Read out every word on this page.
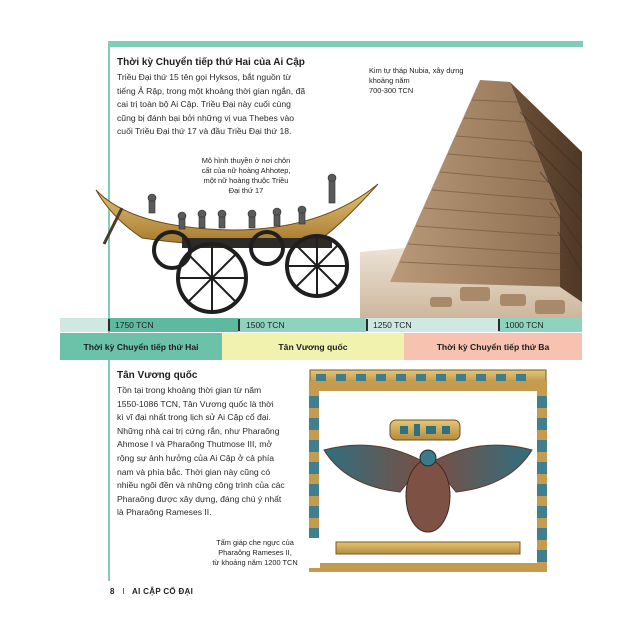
Thời kỳ Chuyển tiếp thứ Hai của Ai Cập
Triều Đại thứ 15 tên gọi Hyksos, bắt nguồn từ
tiếng Ả Rập, trong một khoảng thời gian ngắn, đã
cai trị toàn bộ Ai Cập. Triều Đại này cuối cùng
cũng bị đánh bại bởi những vị vua Thebes vào
cuối Triều Đại thứ 17 và đầu Triều Đại thứ 18.
Kim tự tháp Nubia, xây dựng
khoảng năm
700-300 TCN
Mô hình thuyền ở nơi chôn
cất của nữ hoàng Ahhotep,
một nữ hoàng thuộc Triều
Đại thứ 17
1750 TCN	1500 TCN	1250 TCN	1000 TCN
Thời kỳ Chuyển tiếp thứ Hai	Tân Vương quốc	Thời kỳ Chuyển tiếp thứ Ba
Tân Vương quốc
Tồn tại trong khoảng thời gian từ năm
1550-1086 TCN, Tân Vương quốc là thời
kì vĩ đại nhất trong lịch sử Ai Cập cổ đại.
Những nhà cai trị cứng rắn, như Pharaông
Ahmose I và Pharaông Thutmose III, mở
rộng sự ảnh hưởng của Ai Cập ở cả phía
nam và phía bắc. Thời gian này cũng có
nhiều ngôi đền và những công trình của các
Pharaông được xây dựng, đáng chú ý nhất
là Pharaông Rameses II.
Tấm giáp che ngực của
Pharaông Rameses II,
từ khoảng năm 1200 TCN
8 I AI CẬP CỔ ĐẠI
